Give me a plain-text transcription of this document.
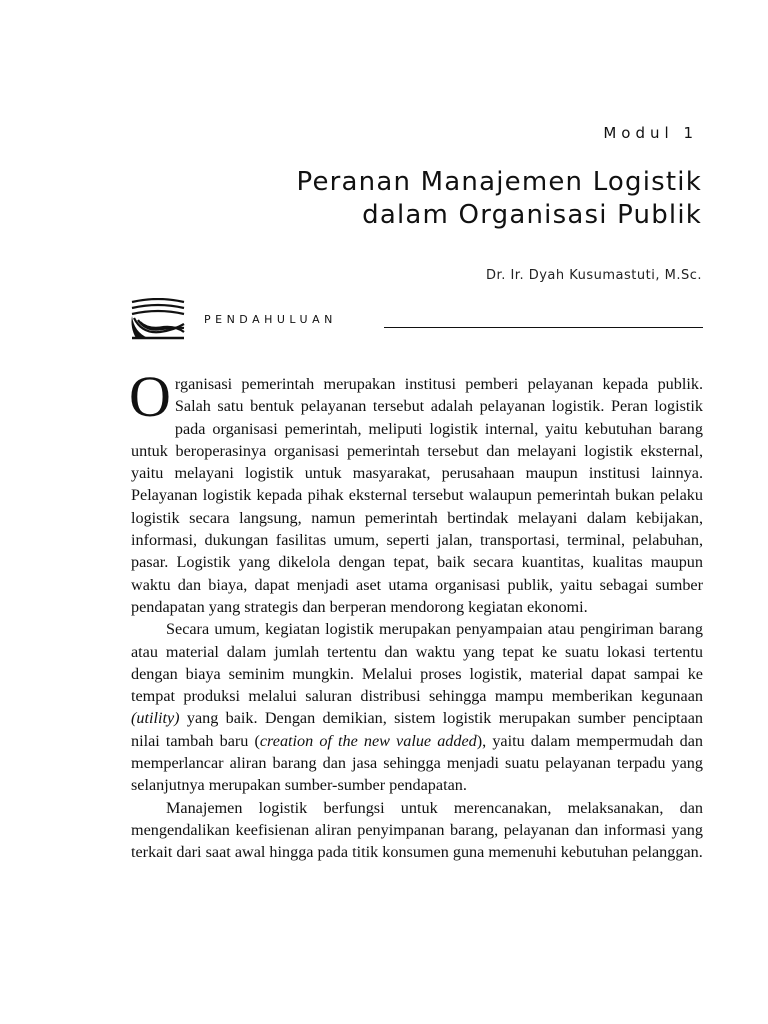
Modul 1
Peranan Manajemen Logistik
dalam Organisasi Publik
Dr. Ir. Dyah Kusumastuti, M.Sc.
PENDAHULUAN

Organisasi pemerintah merupakan institusi pemberi pelayanan kepada publik. Salah satu bentuk pelayanan tersebut adalah pelayanan logistik. Peran logistik pada organisasi pemerintah, meliputi logistik internal, yaitu kebutuhan barang untuk beroperasinya organisasi pemerintah tersebut dan melayani logistik eksternal, yaitu melayani logistik untuk masyarakat, perusahaan maupun institusi lainnya. Pelayanan logistik kepada pihak eksternal tersebut walaupun pemerintah bukan pelaku logistik secara langsung, namun pemerintah bertindak melayani dalam kebijakan, informasi, dukungan fasilitas umum, seperti jalan, transportasi, terminal, pelabuhan, pasar. Logistik yang dikelola dengan tepat, baik secara kuantitas, kualitas maupun waktu dan biaya, dapat menjadi aset utama organisasi publik, yaitu sebagai sumber pendapatan yang strategis dan berperan mendorong kegiatan ekonomi.

Secara umum, kegiatan logistik merupakan penyampaian atau pengiriman barang atau material dalam jumlah tertentu dan waktu yang tepat ke suatu lokasi tertentu dengan biaya seminim mungkin. Melalui proses logistik, material dapat sampai ke tempat produksi melalui saluran distribusi sehingga mampu memberikan kegunaan (utility) yang baik. Dengan demikian, sistem logistik merupakan sumber penciptaan nilai tambah baru (creation of the new value added), yaitu dalam mempermudah dan memperlancar aliran barang dan jasa sehingga menjadi suatu pelayanan terpadu yang selanjutnya merupakan sumber-sumber pendapatan.

Manajemen logistik berfungsi untuk merencanakan, melaksanakan, dan mengendalikan keefisienan aliran penyimpanan barang, pelayanan dan informasi yang terkait dari saat awal hingga pada titik konsumen guna memenuhi kebutuhan pelanggan.
